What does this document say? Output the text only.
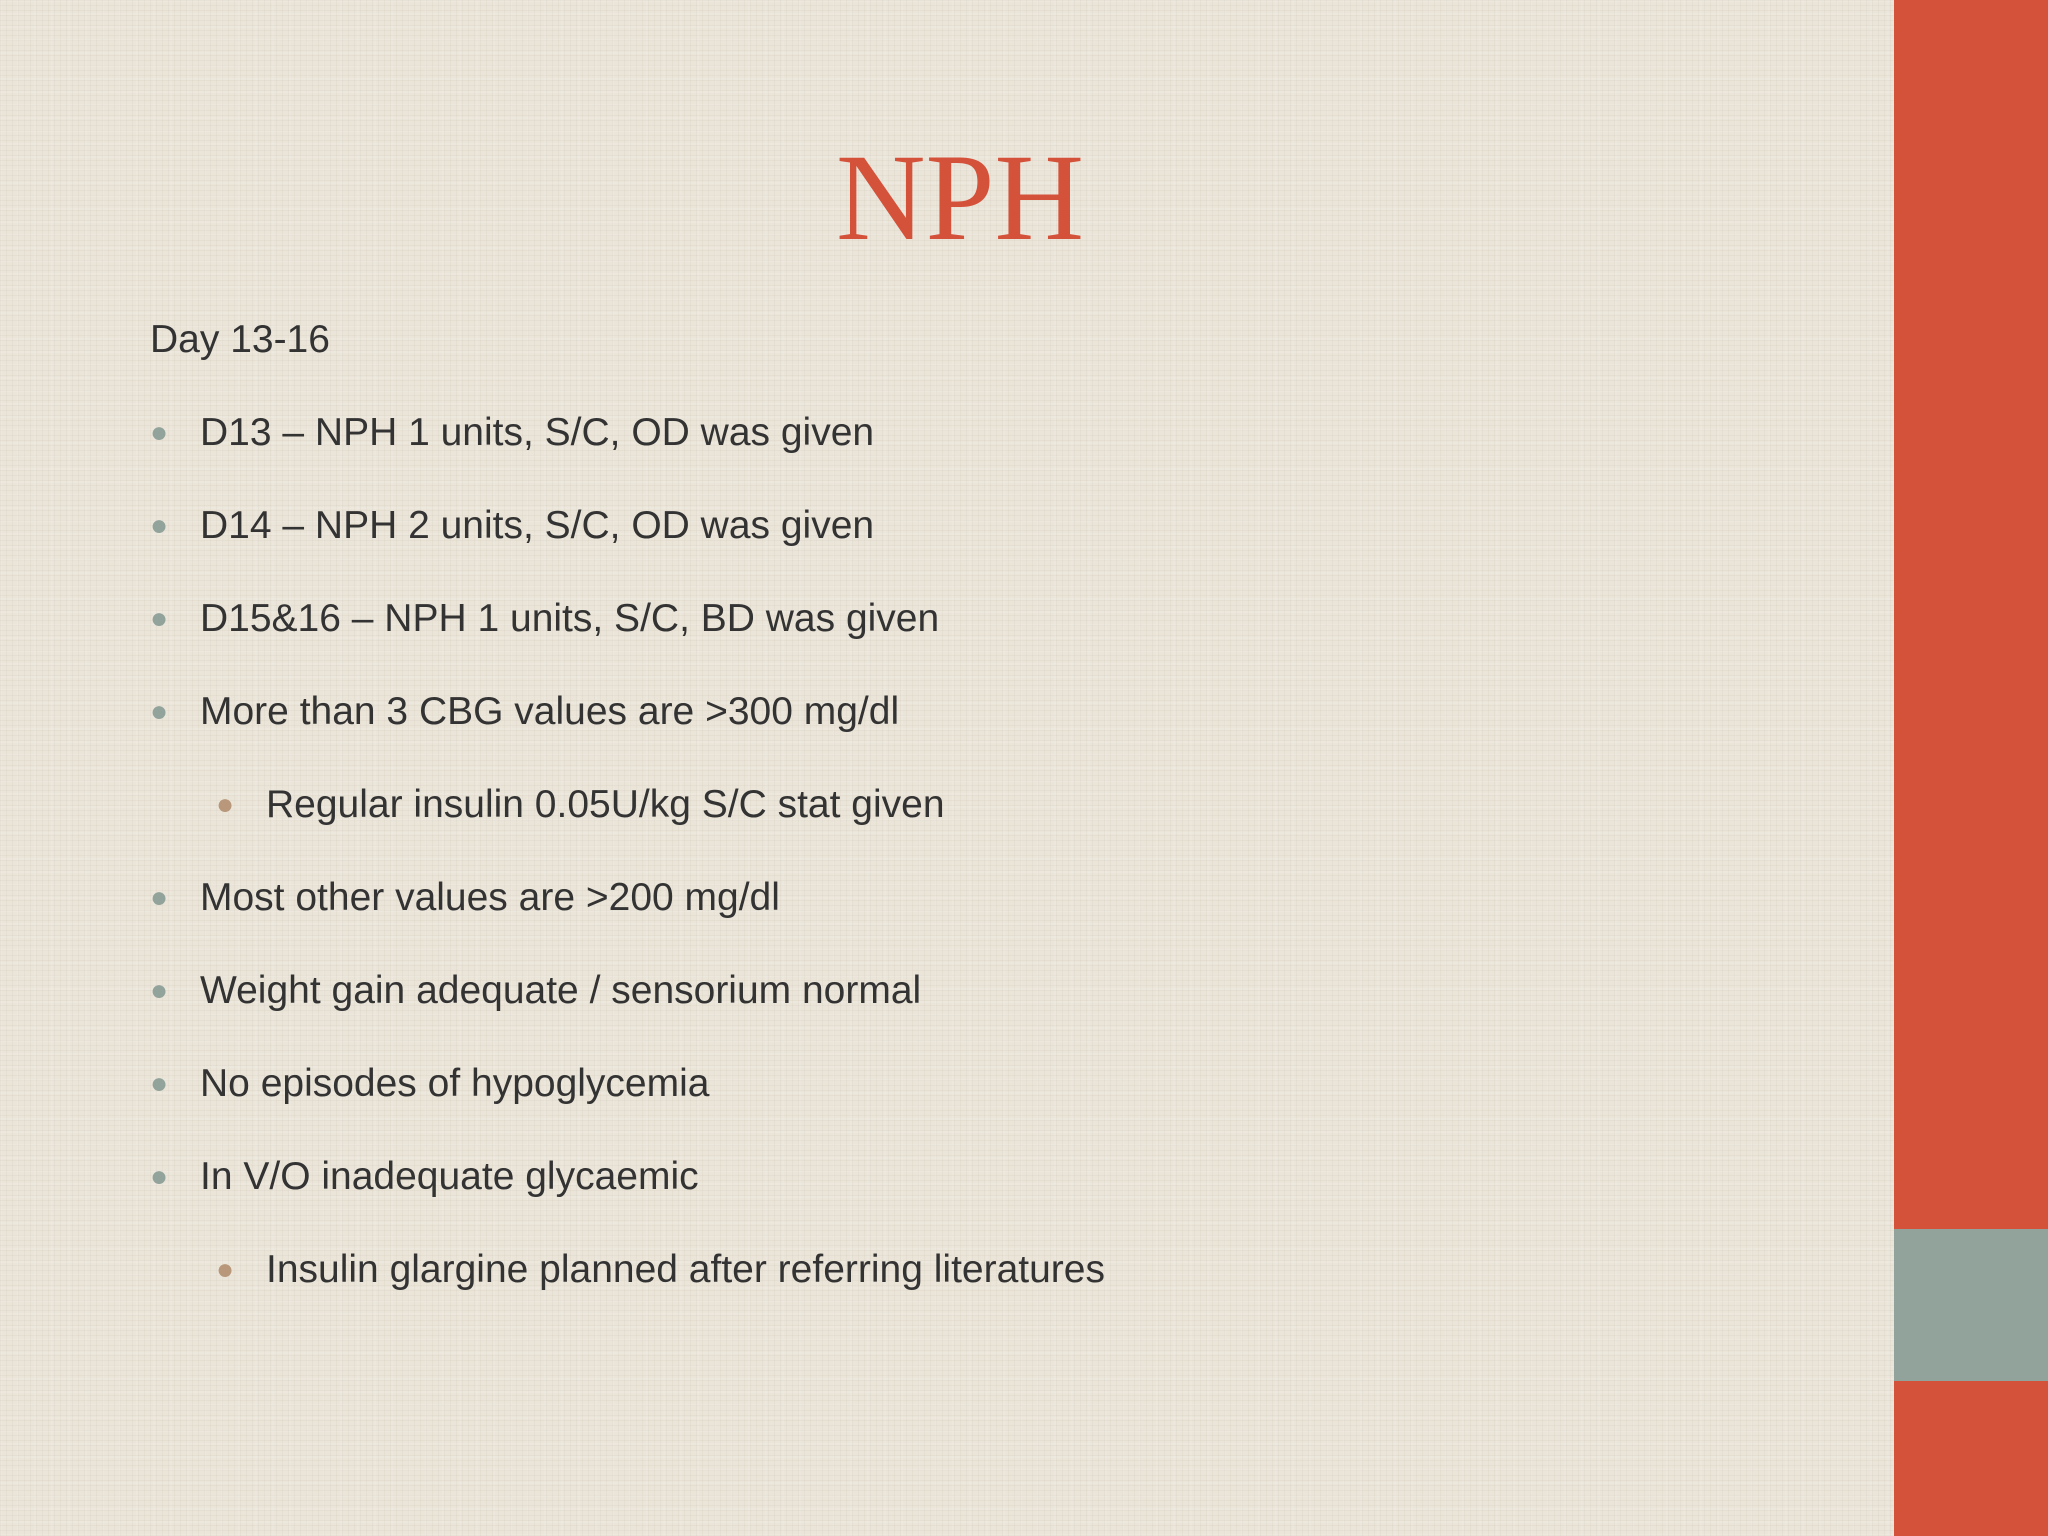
NPH

Day 13-16

● D13 – NPH 1 units, S/C, OD was given
● D14 – NPH 2 units, S/C, OD was given
● D15&16 – NPH 1 units, S/C, BD was given
● More than 3 CBG values are >300 mg/dl
● Regular insulin 0.05U/kg S/C stat given
● Most other values are >200 mg/dl
● Weight gain adequate / sensorium normal
● No episodes of hypoglycemia
● In V/O inadequate glycaemic
● Insulin glargine planned after referring literatures
